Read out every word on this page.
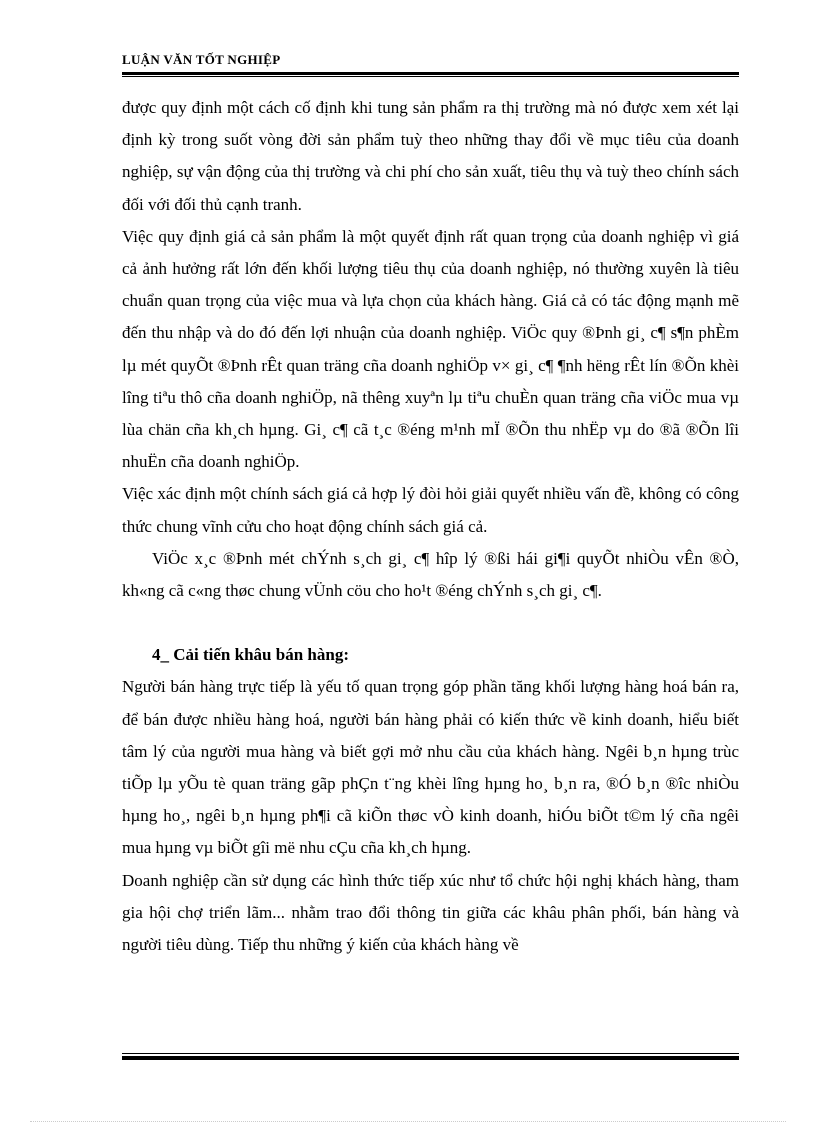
LUẬN VĂN TỐT NGHIỆP

được quy định một cách cố định khi tung sản phẩm ra thị trường mà nó được xem xét lại định kỳ trong suốt vòng đời sản phẩm tuỳ theo những thay đổi về mục tiêu của doanh nghiệp, sự vận động của thị trường và chi phí cho sản xuất, tiêu thụ và tuỳ theo chính sách đối với đối thủ cạnh tranh.

Việc quy định giá cả sản phẩm là một quyết định rất quan trọng của doanh nghiệp vì giá cả ảnh hưởng rất lớn đến khối lượng tiêu thụ của doanh nghiệp, nó thường xuyên là tiêu chuẩn quan trọng của việc mua và lựa chọn của khách hàng. Giá cả có tác động mạnh mẽ đến thu nhập và do đó đến lợi nhuận của doanh nghiệp. ViÖc quy ®Þnh gi¸ c¶ s¶n phÈm lµ mét quyÕt ®Þnh rÊt quan träng cña doanh nghiÖp v× gi¸ c¶ ¶nh hëng rÊt lín ®Õn khèi lîng tiªu thô cña doanh nghiÖp, nã thêng xuyªn lµ tiªu chuÈn quan träng cña viÖc mua vµ lùa chän cña kh¸ch hµng. Gi¸ c¶ cã t¸c ®éng m¹nh mÏ ®Õn thu nhËp vµ do ®ã ®Õn lîi nhuËn cña doanh nghiÖp.

Việc xác định một chính sách giá cả hợp lý đòi hỏi giải quyết nhiều vấn đề, không có công thức chung vĩnh cửu cho hoạt động chính sách giá cả.

ViÖc x¸c ®Þnh mét chÝnh s¸ch gi¸ c¶ hîp lý ®ßi hái gi¶i quyÕt nhiÒu vÊn ®Ò, kh«ng cã c«ng thøc chung vÜnh cöu cho ho¹t ®éng chÝnh s¸ch gi¸ c¶.

4_ Cải tiến khâu bán hàng:

Người bán hàng trực tiếp là yếu tố quan trọng góp phần tăng khối lượng hàng hoá bán ra, để bán được nhiều hàng hoá, người bán hàng phải có kiến thức về kinh doanh, hiểu biết tâm lý của người mua hàng và biết gợi mở nhu cầu của khách hàng. Ngêi b¸n hµng trùc tiÕp lµ yÕu tè quan träng gãp phÇn t¨ng khèi lîng hµng ho¸ b¸n ra, ®Ó b¸n ®îc nhiÒu hµng ho¸, ngêi b¸n hµng ph¶i cã kiÕn thøc vÒ kinh doanh, hiÓu biÕt t©m lý cña ngêi mua hµng vµ biÕt gîi më nhu cÇu cña kh¸ch hµng.

Doanh nghiệp cần sử dụng các hình thức tiếp xúc như tổ chức hội nghị khách hàng, tham gia hội chợ triển lãm... nhằm trao đổi thông tin giữa các khâu phân phối, bán hàng và người tiêu dùng. Tiếp thu những ý kiến của khách hàng về
